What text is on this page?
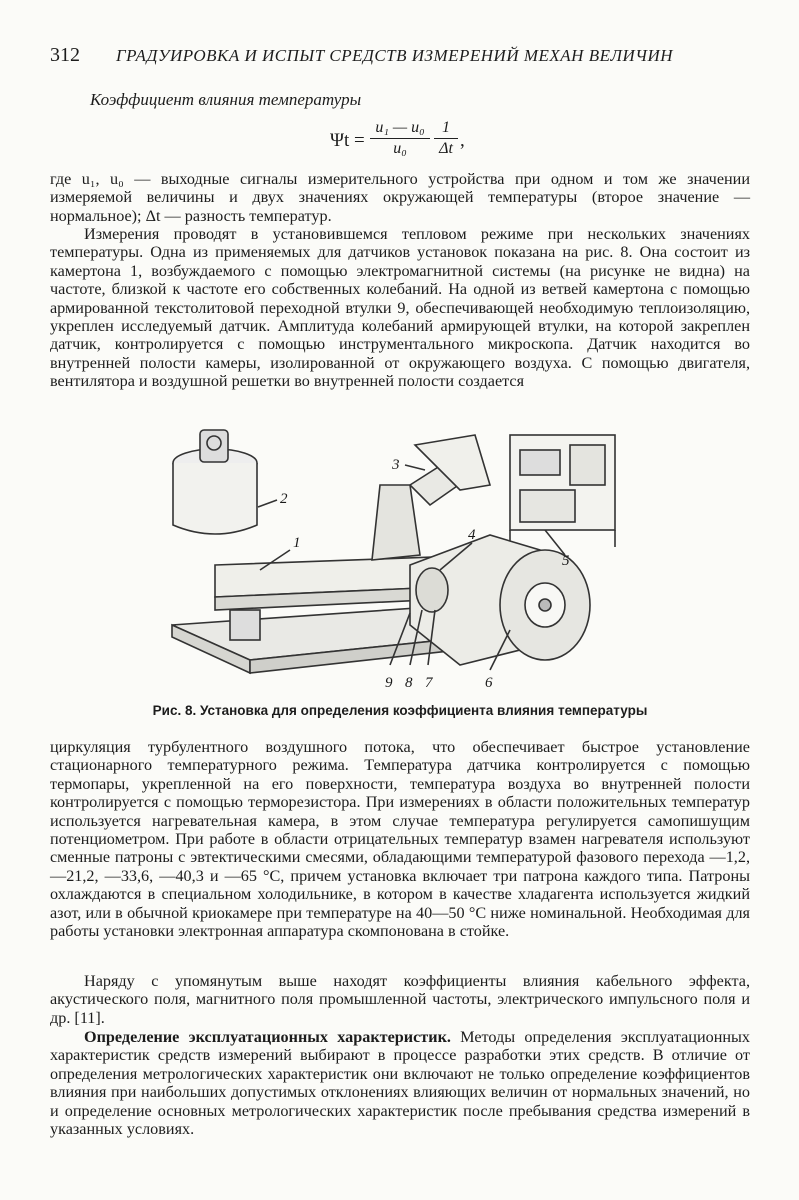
312 ГРАДУИРОВКА И ИСПЫТ СРЕДСТВ ИЗМЕРЕНИЙ МЕХАН ВЕЛИЧИН
Коэффициент влияния температуры
Ψt =
u₁ — u₀
u₀
1
Δt ,

где u₁, u₀ — выходные сигналы измерительного устройства при одном и том же значении измеряемой величины и двух значениях окружающей температуры (второе значение — нормальное); Δt — разность температур.

Измерения проводят в установившемся тепловом режиме при нескольких значениях температуры. Одна из применяемых для датчиков установок показана на рис. 8. Она состоит из камертона 1, возбуждаемого с помощью электромагнитной системы (на рисунке не видна) на частоте, близкой к частоте его собственных колебаний. На одной из ветвей камертона с помощью армированной текстолитовой переходной втулки 9, обеспечивающей необходимую теплоизоляцию, укреплен исследуемый датчик. Амплитуда колебаний армирующей втулки, на которой закреплен датчик, контролируется с помощью инструментального микроскопа. Датчик находится во внутренней полости камеры, изолированной от окружающего воздуха. С помощью двигателя, вентилятора и воздушной решетки во внутренней полости создается

1
2
3
4
5
6
7
8
9
Рис. 8. Установка для определения коэффициента влияния температуры

циркуляция турбулентного воздушного потока, что обеспечивает быстрое установление стационарного температурного режима. Температура датчика контролируется с помощью термопары, укрепленной на его поверхности, температура воздуха во внутренней полости контролируется с помощью терморезистора. При измерениях в области положительных температур используется нагревательная камера, в этом случае температура регулируется самопишущим потенциометром. При работе в области отрицательных температур взамен нагревателя используют сменные патроны с эвтектическими смесями, обладающими температурой фазового перехода —1,2, —21,2, —33,6, —40,3 и —65 °С, причем установка включает три патрона каждого типа. Патроны охлаждаются в специальном холодильнике, в котором в качестве хладагента используется жидкий азот, или в обычной криокамере при температуре на 40—50 °С ниже номинальной. Необходимая для работы установки электронная аппаратура скомпонована в стойке.

Наряду с упомянутым выше находят коэффициенты влияния кабельного эффекта, акустического поля, магнитного поля промышленной частоты, электрического импульсного поля и др. [11].

Определение эксплуатационных характеристик. Методы определения эксплуатационных характеристик средств измерений выбирают в процессе разработки этих средств. В отличие от определения метрологических характеристик они включают не только определение коэффициентов влияния при наибольших допустимых отклонениях влияющих величин от нормальных значений, но и определение основных метрологических характеристик после пребывания средства измерений в указанных условиях.
